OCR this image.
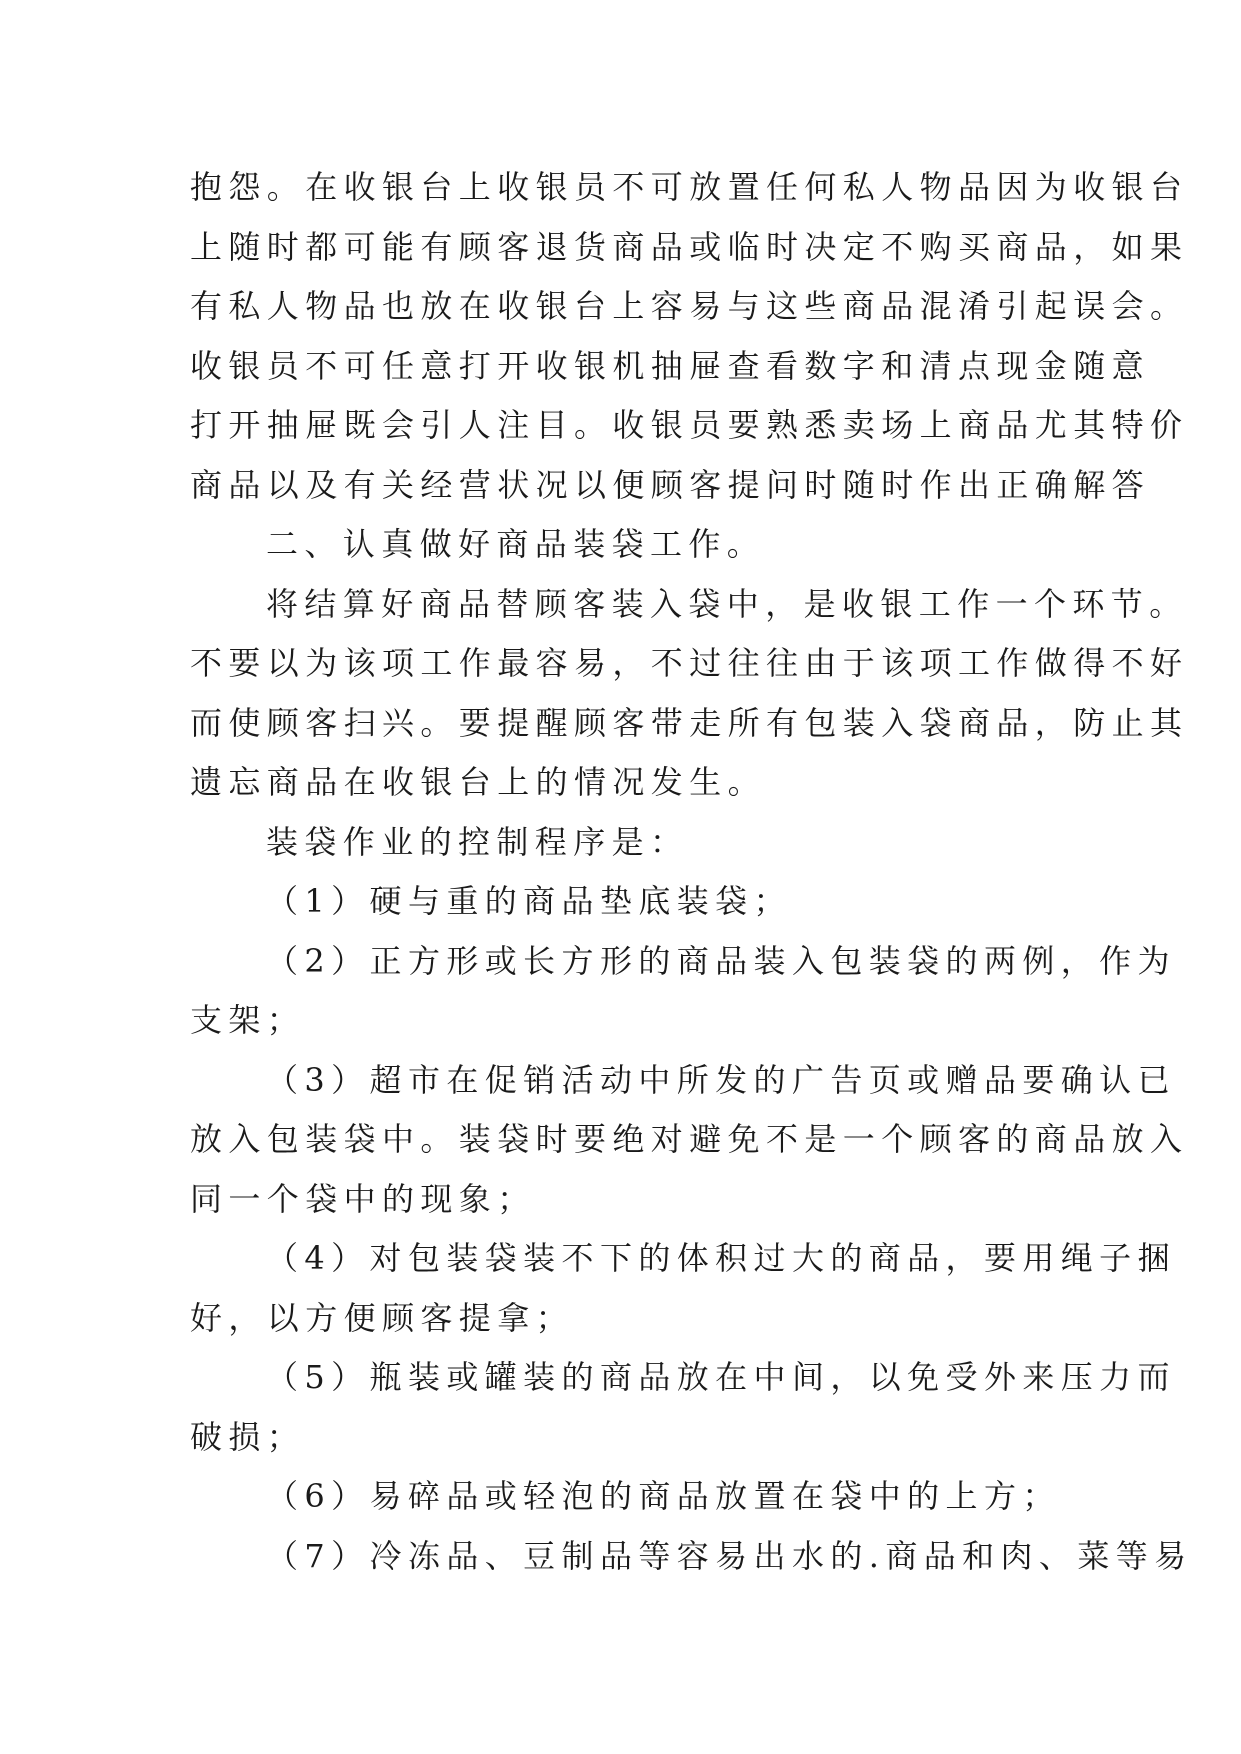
抱怨。在收银台上收银员不可放置任何私人物品因为收银台
上随时都可能有顾客退货商品或临时决定不购买商品，如果
有私人物品也放在收银台上容易与这些商品混淆引起误会。
收银员不可任意打开收银机抽屉查看数字和清点现金随意
打开抽屉既会引人注目。收银员要熟悉卖场上商品尤其特价
商品以及有关经营状况以便顾客提问时随时作出正确解答
二、认真做好商品装袋工作。
将结算好商品替顾客装入袋中，是收银工作一个环节。
不要以为该项工作最容易，不过往往由于该项工作做得不好
而使顾客扫兴。要提醒顾客带走所有包装入袋商品，防止其
遗忘商品在收银台上的情况发生。
装袋作业的控制程序是：
（1）硬与重的商品垫底装袋；
（2）正方形或长方形的商品装入包装袋的两例，作为
支架；
（3）超市在促销活动中所发的广告页或赠品要确认已
放入包装袋中。装袋时要绝对避免不是一个顾客的商品放入
同一个袋中的现象；
（4）对包装袋装不下的体积过大的商品，要用绳子捆
好，以方便顾客提拿；
（5）瓶装或罐装的商品放在中间，以免受外来压力而
破损；
（6）易碎品或轻泡的商品放置在袋中的上方；
（7）冷冻品、豆制品等容易出水的.商品和肉、菜等易
